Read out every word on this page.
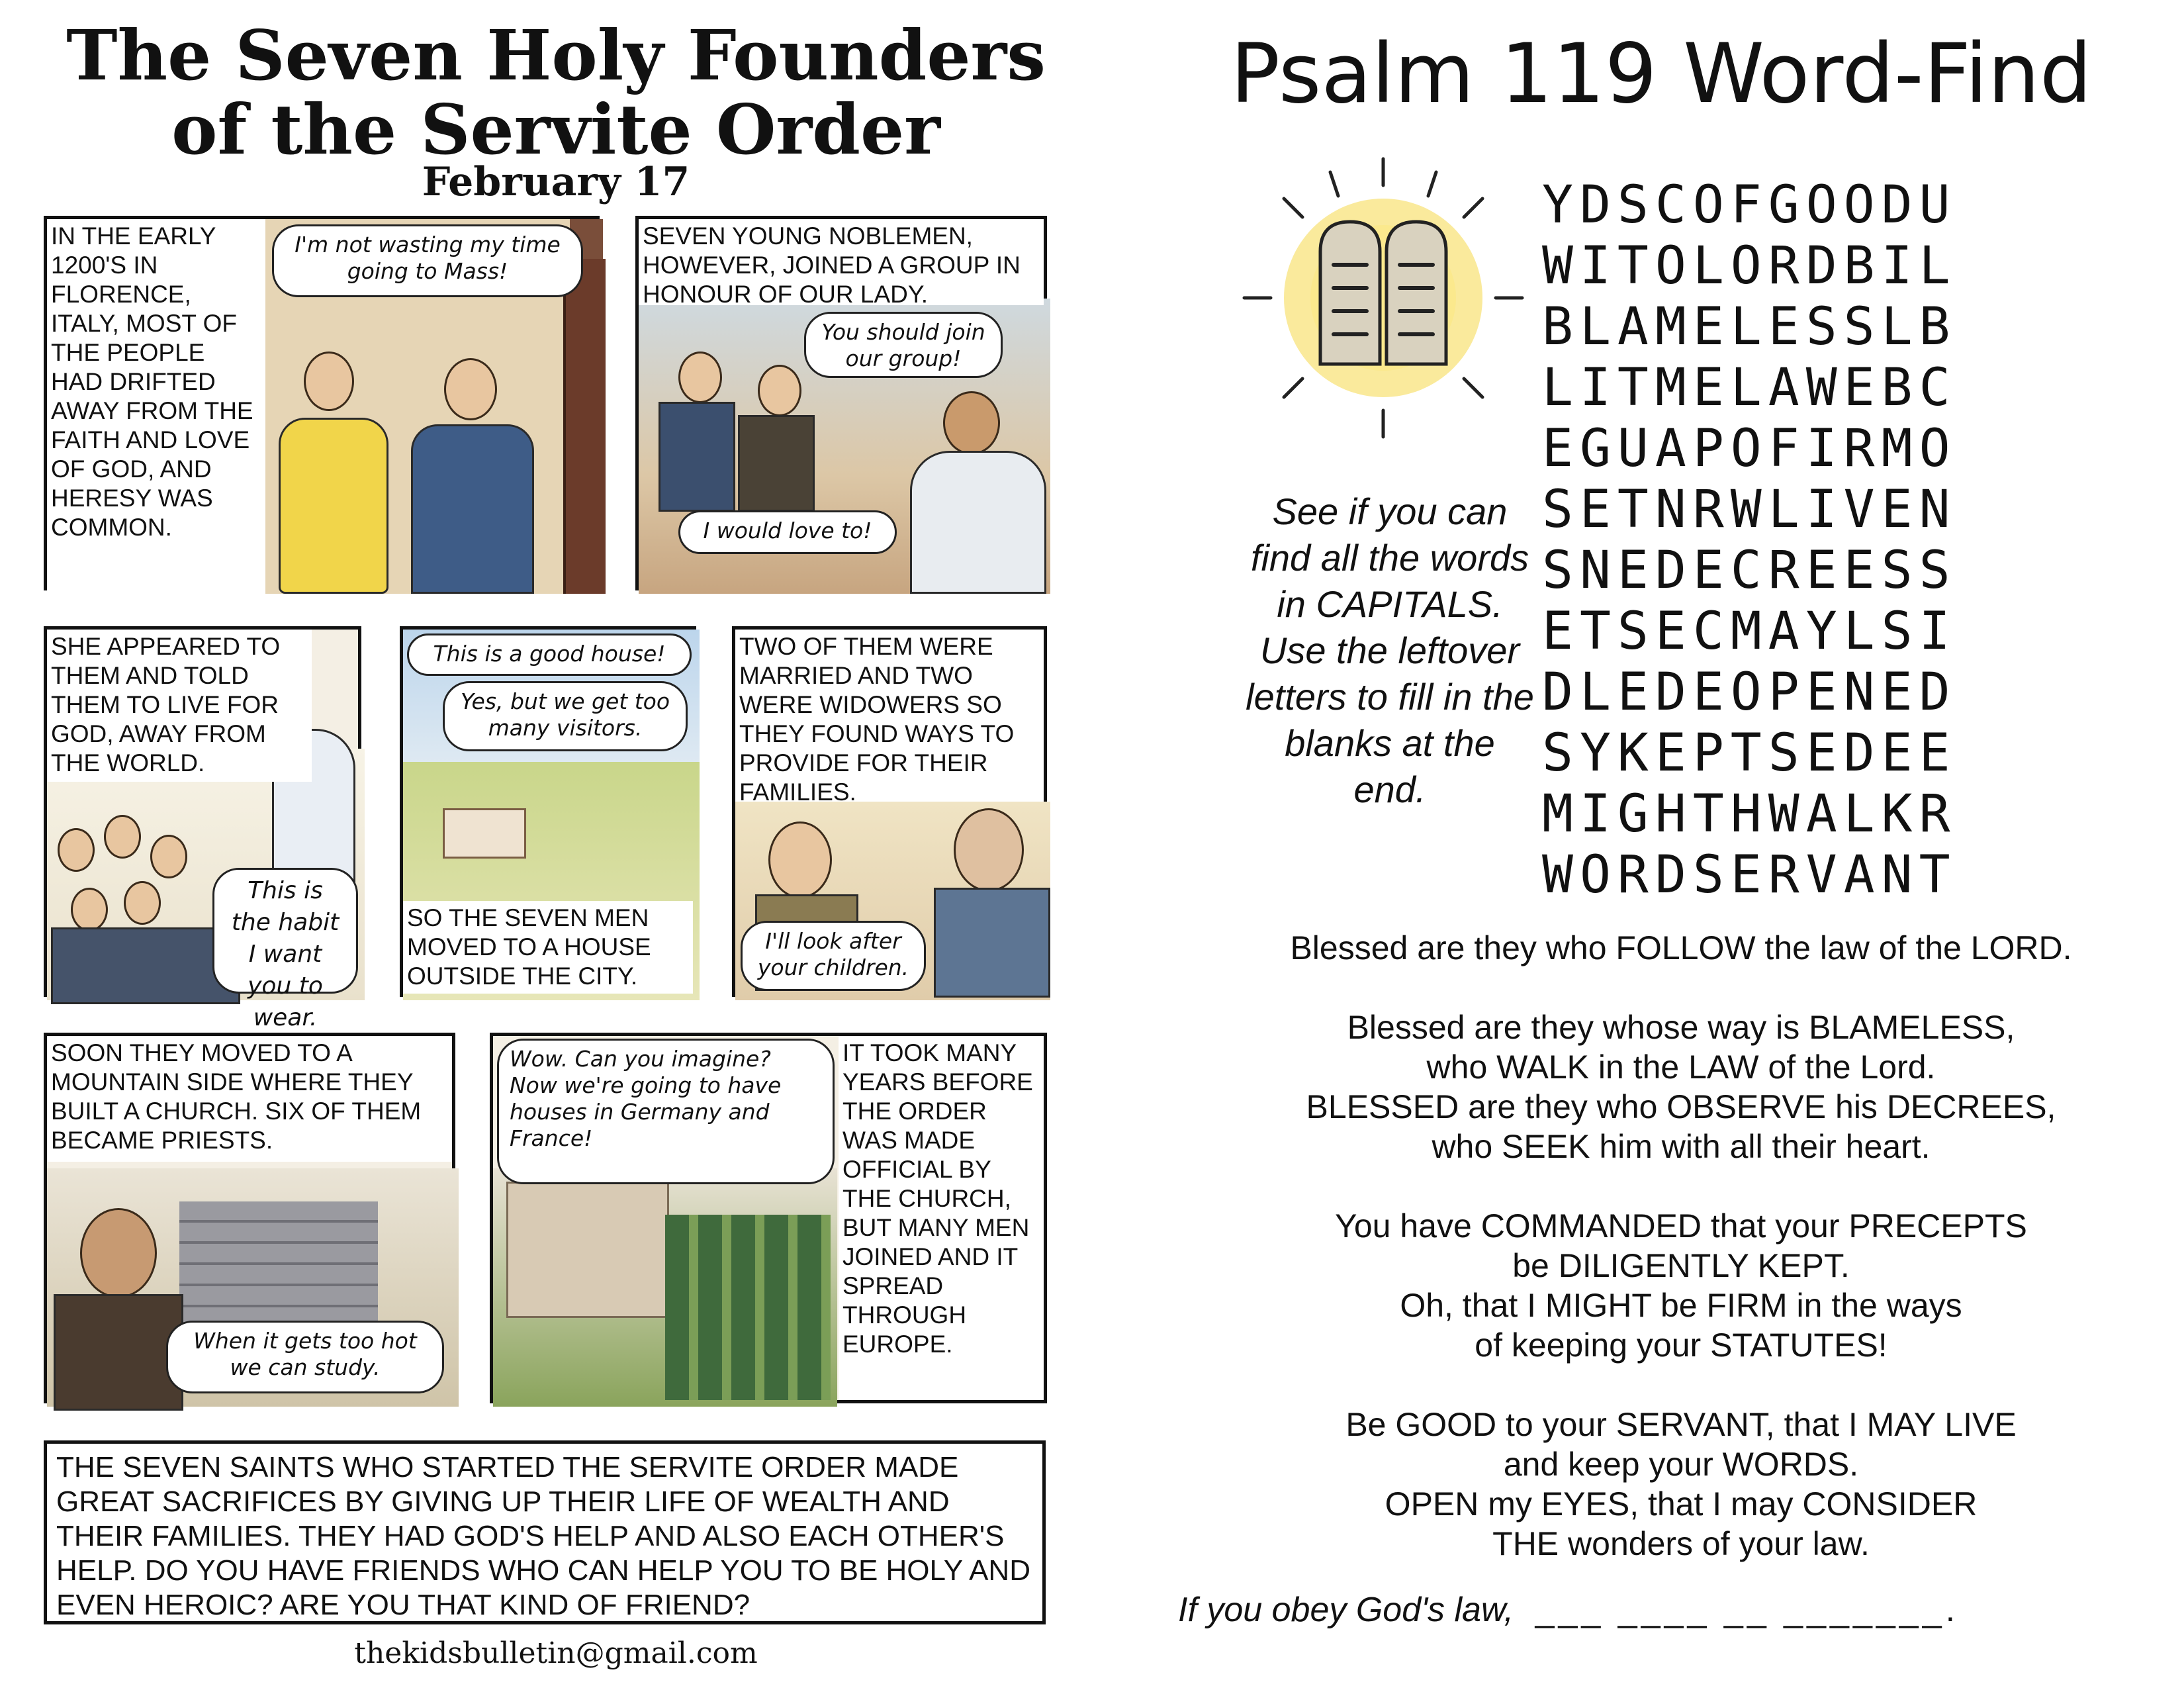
The Seven Holy Founders
of the Servite Order
February 17
IN THE EARLY 1200'S IN FLORENCE, ITALY, MOST OF THE PEOPLE HAD DRIFTED AWAY FROM THE FAITH AND LOVE OF GOD, AND HERESY WAS COMMON.
I'm not wasting my time going to Mass!
SEVEN YOUNG NOBLEMEN, HOWEVER, JOINED A GROUP IN HONOUR OF OUR LADY.
You should join our group!
I would love to!
SHE APPEARED TO THEM AND TOLD THEM TO LIVE FOR GOD, AWAY FROM THE WORLD.
This is the habit I want you to wear.
This is a good house!
Yes, but we get too many visitors.
SO THE SEVEN MEN MOVED TO A HOUSE OUTSIDE THE CITY.
TWO OF THEM WERE MARRIED AND TWO WERE WIDOWERS SO THEY FOUND WAYS TO PROVIDE FOR THEIR FAMILIES.
I'll look after your children.
SOON THEY MOVED TO A MOUNTAIN SIDE WHERE THEY BUILT A CHURCH. SIX OF THEM BECAME PRIESTS.
When it gets too hot we can study.
Wow. Can you imagine? Now we're going to have houses in Germany and France!
IT TOOK MANY YEARS BEFORE THE ORDER WAS MADE OFFICIAL BY THE CHURCH, BUT MANY MEN JOINED AND IT SPREAD THROUGH EUROPE.
THE SEVEN SAINTS WHO STARTED THE SERVITE ORDER MADE GREAT SACRIFICES BY GIVING UP THEIR LIFE OF WEALTH AND THEIR FAMILIES. THEY HAD GOD'S HELP AND ALSO EACH OTHER'S HELP. DO YOU HAVE FRIENDS WHO CAN HELP YOU TO BE HOLY AND EVEN HEROIC? ARE YOU THAT KIND OF FRIEND?
thekidsbulletin@gmail.com
Psalm 119 Word-Find
YDSCOFGOODU
WITOLORDBIL
BLAMELESSLB
LITMELAWEBC
EGUAPOFIRMO
SETNRWLIVEN
SNEDECREESS
ETSECMAYLSI
DLEDEOPENED
SYKEPTSEDEE
MIGHTHWALKR
WORDSERVANT
See if you can find all the words in CAPITALS. Use the leftover letters to fill in the blanks at the end.
Blessed are they who FOLLOW the law of the LORD.
Blessed are they whose way is BLAMELESS,
who WALK in the LAW of the Lord.
BLESSED are they who OBSERVE his DECREES,
who SEEK him with all their heart.
You have COMMANDED that your PRECEPTS
be DILIGENTLY KEPT.
Oh, that I MIGHT be FIRM in the ways
of keeping your STATUTES!
Be GOOD to your SERVANT, that I MAY LIVE
and keep your WORDS.
OPEN my EYES, that I may CONSIDER
THE wonders of your law.
If you obey God's law, ___ ____ __ _______.
